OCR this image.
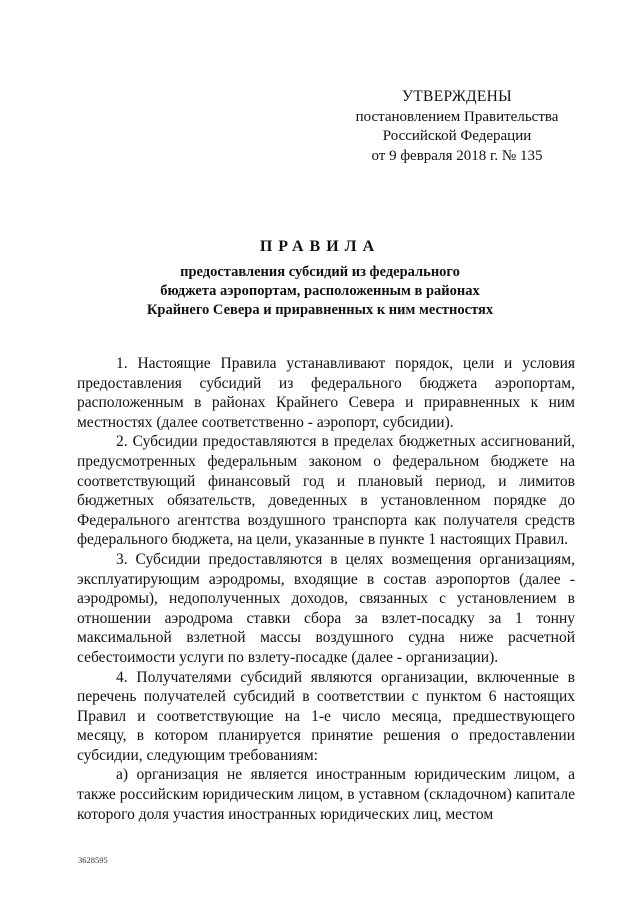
УТВЕРЖДЕНЫ
постановлением Правительства
Российской Федерации
от 9 февраля 2018 г. № 135
ПРАВИЛА
предоставления субсидий из федерального
бюджета аэропортам, расположенным в районах
Крайнего Севера и приравненных к ним местностях

1. Настоящие Правила устанавливают порядок, цели и условия предоставления субсидий из федерального бюджета аэропортам, расположенным в районах Крайнего Севера и приравненных к ним местностях (далее соответственно - аэропорт, субсидии).

2. Субсидии предоставляются в пределах бюджетных ассигнований, предусмотренных федеральным законом о федеральном бюджете на соответствующий финансовый год и плановый период, и лимитов бюджетных обязательств, доведенных в установленном порядке до Федерального агентства воздушного транспорта как получателя средств федерального бюджета, на цели, указанные в пункте 1 настоящих Правил.

3. Субсидии предоставляются в целях возмещения организациям, эксплуатирующим аэродромы, входящие в состав аэропортов (далее - аэродромы), недополученных доходов, связанных с установлением в отношении аэродрома ставки сбора за взлет-посадку за 1 тонну максимальной взлетной массы воздушного судна ниже расчетной себестоимости услуги по взлету-посадке (далее - организации).

4. Получателями субсидий являются организации, включенные в перечень получателей субсидий в соответствии с пунктом 6 настоящих Правил и соответствующие на 1-е число месяца, предшествующего месяцу, в котором планируется принятие решения о предоставлении субсидии, следующим требованиям:

а) организация не является иностранным юридическим лицом, а также российским юридическим лицом, в уставном (складочном) капитале которого доля участия иностранных юридических лиц, местом

3628595
